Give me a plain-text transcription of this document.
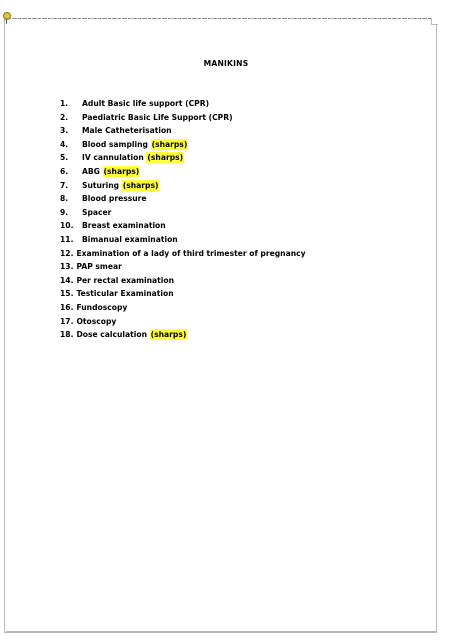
MANIKINS
1. Adult Basic life support (CPR)
2. Paediatric Basic Life Support (CPR)
3. Male Catheterisation
4. Blood sampling (sharps)
5. IV cannulation (sharps)
6. ABG (sharps)
7. Suturing (sharps)
8. Blood pressure
9. Spacer
10. Breast examination
11. Bimanual examination
12. Examination of a lady of third trimester of pregnancy
13. PAP smear
14. Per rectal examination
15. Testicular Examination
16. Fundoscopy
17. Otoscopy
18. Dose calculation (sharps)
